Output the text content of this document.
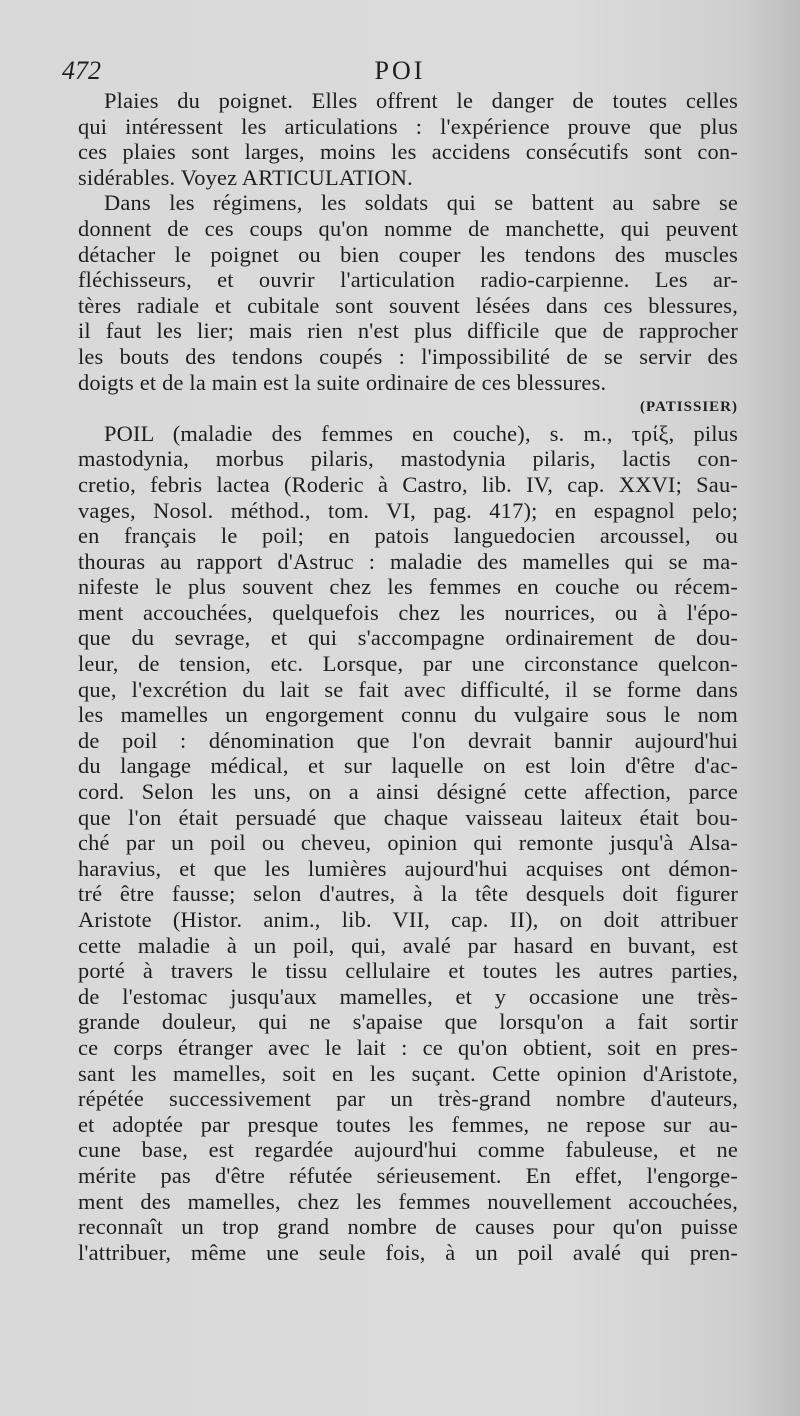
472	POI
Plaies du poignet. Elles offrent le danger de toutes celles
qui intéressent les articulations : l'expérience prouve que plus
ces plaies sont larges, moins les accidens consécutifs sont con-
sidérables. Voyez ARTICULATION.
Dans les régimens, les soldats qui se battent au sabre se
donnent de ces coups qu'on nomme de manchette, qui peuvent
détacher le poignet ou bien couper les tendons des muscles
fléchisseurs, et ouvrir l'articulation radio-carpienne. Les ar-
tères radiale et cubitale sont souvent lésées dans ces blessures,
il faut les lier; mais rien n'est plus difficile que de rapprocher
les bouts des tendons coupés : l'impossibilité de se servir des
doigts et de la main est la suite ordinaire de ces blessures.
(PATISSIER)
POIL (maladie des femmes en couche), s. m., τρίξ, pilus
mastodynia, morbus pilaris, mastodynia pilaris, lactis con-
cretio, febris lactea (Roderic à Castro, lib. IV, cap. XXVI; Sau-
vages, Nosol. méthod., tom. VI, pag. 417); en espagnol pelo;
en français le poil; en patois languedocien arcoussel, ou
thouras au rapport d'Astruc : maladie des mamelles qui se ma-
nifeste le plus souvent chez les femmes en couche ou récem-
ment accouchées, quelquefois chez les nourrices, ou à l'épo-
que du sevrage, et qui s'accompagne ordinairement de dou-
leur, de tension, etc. Lorsque, par une circonstance quelcon-
que, l'excrétion du lait se fait avec difficulté, il se forme dans
les mamelles un engorgement connu du vulgaire sous le nom
de poil : dénomination que l'on devrait bannir aujourd'hui
du langage médical, et sur laquelle on est loin d'être d'ac-
cord. Selon les uns, on a ainsi désigné cette affection, parce
que l'on était persuadé que chaque vaisseau laiteux était bou-
ché par un poil ou cheveu, opinion qui remonte jusqu'à Alsa-
haravius, et que les lumières aujourd'hui acquises ont démon-
tré être fausse; selon d'autres, à la tête desquels doit figurer
Aristote (Histor. anim., lib. VII, cap. II), on doit attribuer
cette maladie à un poil, qui, avalé par hasard en buvant, est
porté à travers le tissu cellulaire et toutes les autres parties,
de l'estomac jusqu'aux mamelles, et y occasione une très-
grande douleur, qui ne s'apaise que lorsqu'on a fait sortir
ce corps étranger avec le lait : ce qu'on obtient, soit en pres-
sant les mamelles, soit en les suçant. Cette opinion d'Aristote,
répétée successivement par un très-grand nombre d'auteurs,
et adoptée par presque toutes les femmes, ne repose sur au-
cune base, est regardée aujourd'hui comme fabuleuse, et ne
mérite pas d'être réfutée sérieusement. En effet, l'engorge-
ment des mamelles, chez les femmes nouvellement accouchées,
reconnaît un trop grand nombre de causes pour qu'on puisse
l'attribuer, même une seule fois, à un poil avalé qui pren-
